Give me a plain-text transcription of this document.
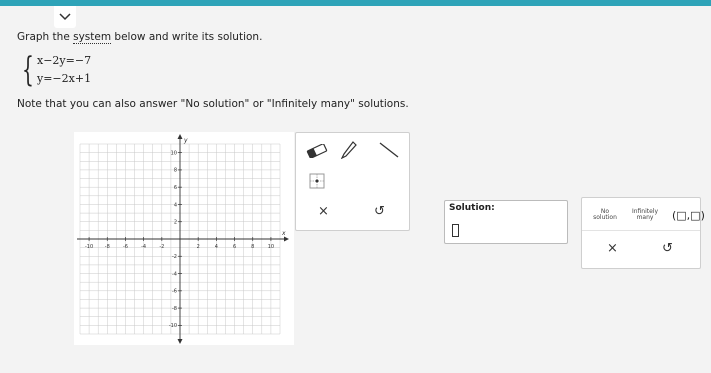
Graph the system below and write its solution.
{ x−2y=−7
y=−2x+1
Note that you can also answer "No solution" or "Infinitely many" solutions.
x
y
-10 -8	-6	-4	-2	2	4	6	8	10
10
8
6
4
2
-2
-4
-6
-8
-10
×	↺	Solution:	No
solution
Infinitely
many	(□,□)
×	↺
